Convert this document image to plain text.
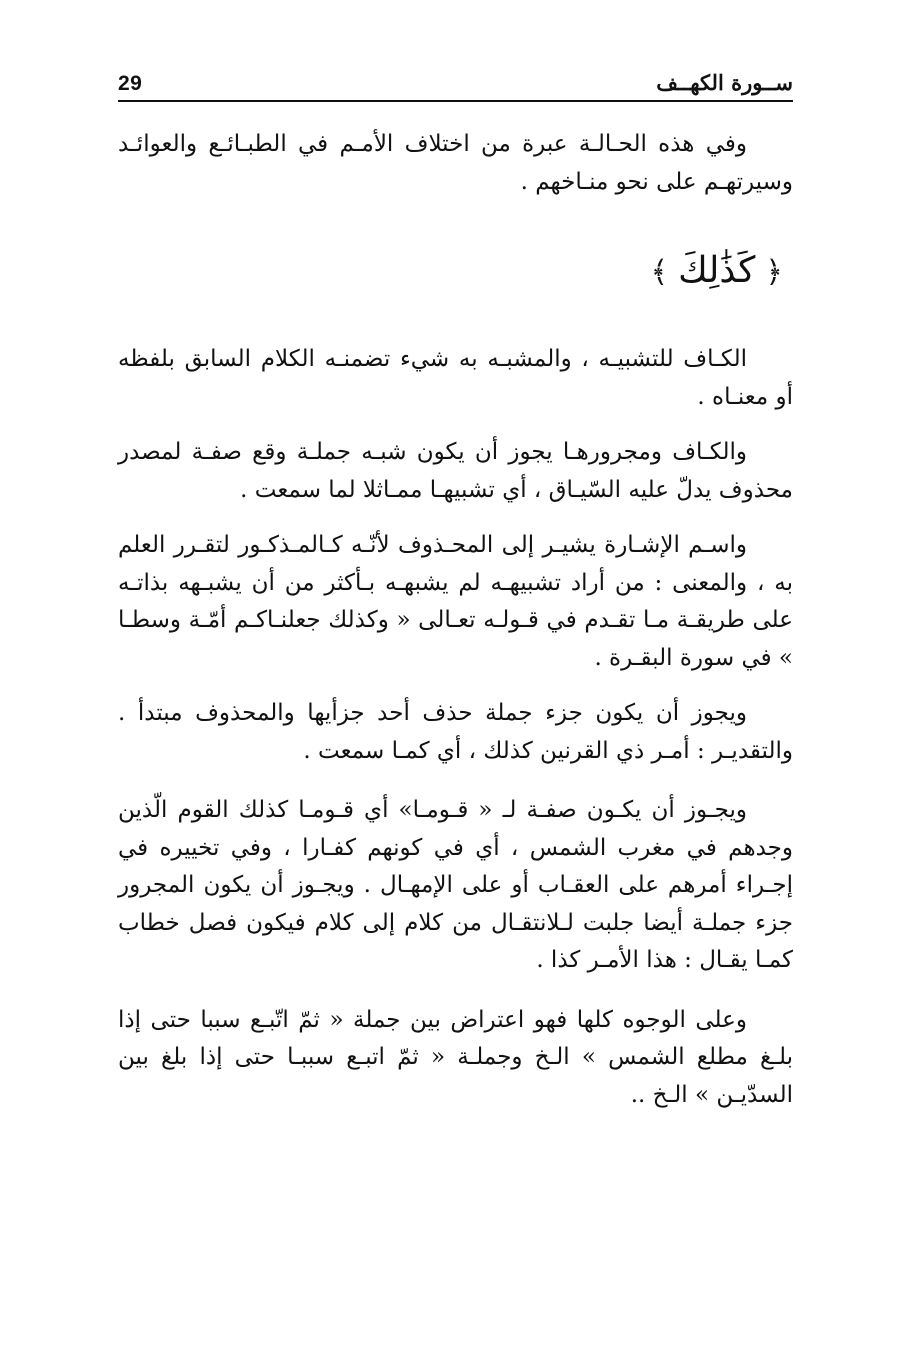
29	ســورة الكهــف

وفي هذه الحـالـة عبرة من اختلاف الأمـم في الطبـائـع والعوائـد وسيرتهـم على نحو منـاخهم .

﴿كَذَٰلِكَ﴾

الكـاف للتشبيـه ، والمشبـه به شيء تضمنـه الكلام السابق بلفظه أو معنـاه .

والكـاف ومجرورهـا يجوز أن يكون شبـه جملـة وقع صفـة لمصدر محذوف يدلّ عليه السّيـاق ، أي تشبيهـا ممـاثلا لما سمعت .

واسـم الإشـارة يشيـر إلى المحـذوف لأنّـه كـالمـذكـور لتقـرر العلم به ، والمعنى : من أراد تشبيهـه لم يشبهـه بـأكثر من أن يشبـهه بذاتـه على طريقـة مـا تقـدم في قـولـه تعـالى « وكذلك جعلنـاكـم أمّـة وسطـا » في سورة البقـرة .

ويجوز أن يكون جزء جملة حذف أحد جزأيها والمحذوف مبتدأ . والتقديـر : أمـر ذي القرنين كذلك ، أي كمـا سمعت .

ويجـوز أن يكـون صفـة لـ « قـومـا» أي قـومـا كذلك القوم الّذين وجدهم في مغرب الشمس ، أي في كونهم كفـارا ، وفي تخييره في إجـراء أمرهم على العقـاب أو على الإمهـال . ويجـوز أن يكون المجرور جزء جملـة أيضا جلبت لـلانتقـال من كلام إلى كلام فيكون فصل خطاب كمـا يقـال : هذا الأمـر كذا .

وعلى الوجوه كلها فهو اعتراض بين جملة « ثمّ اتّبـع سببا حتى إذا بلـغ مطلع الشمس » الـخ وجملـة « ثمّ اتبـع سببـا حتى إذا بلغ بين السدّيـن » الـخ ..
